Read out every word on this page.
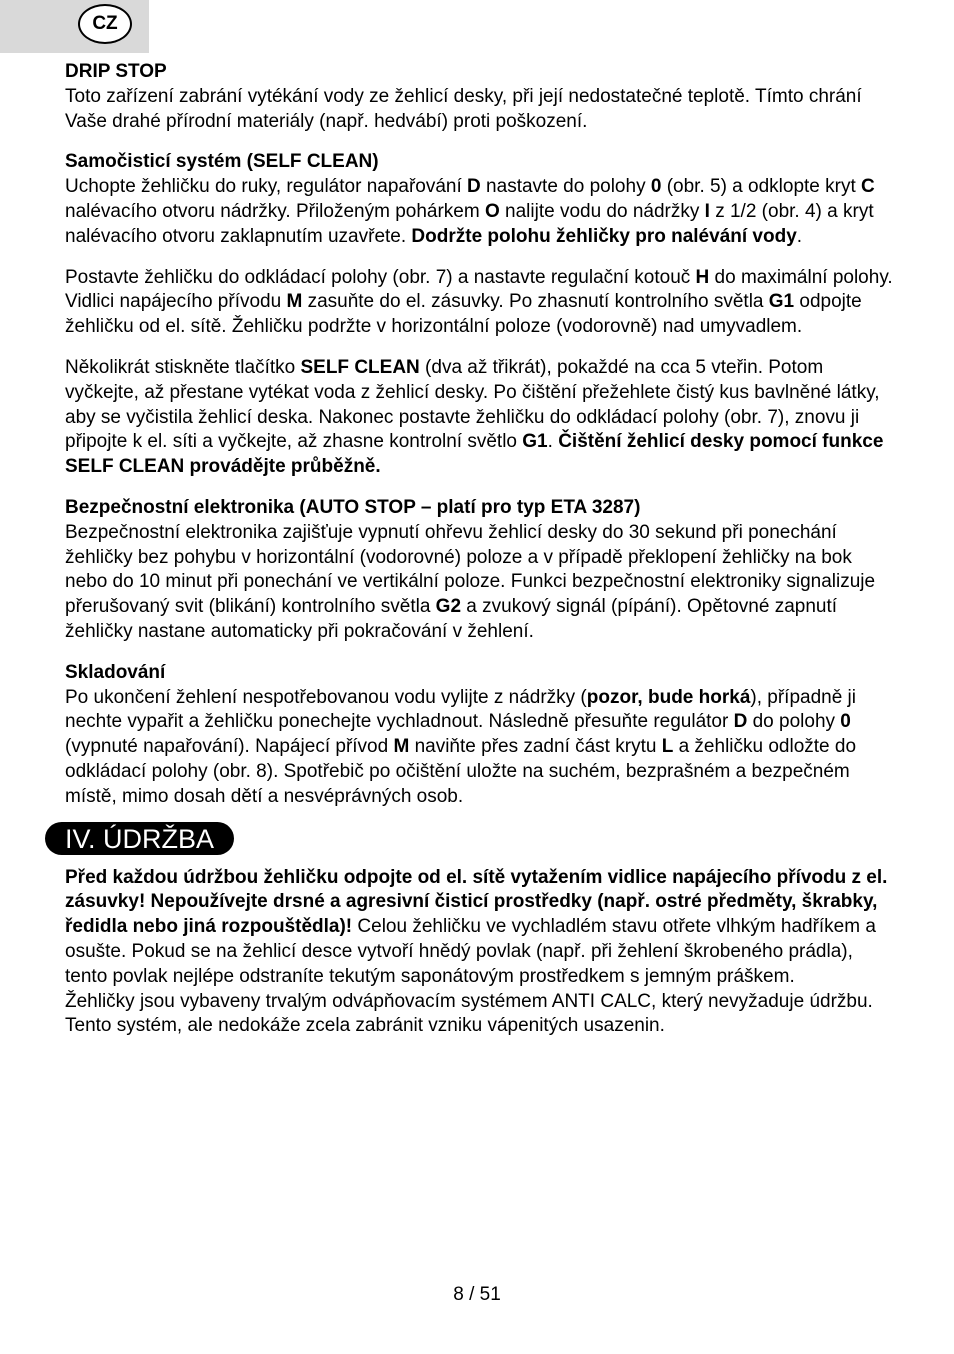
CZ
DRIP STOP
Toto zařízení zabrání vytékání vody ze žehlicí desky, při její nedostatečné teplotě. Tímto chrání Vaše drahé přírodní materiály (např. hedvábí) proti poškození.
Samočisticí systém (SELF CLEAN)
Uchopte žehličku do ruky, regulátor napařování D nastavte do polohy 0 (obr. 5) a odklopte kryt C nalévacího otvoru nádržky. Přiloženým pohárkem O nalijte vodu do nádržky I z 1/2 (obr. 4) a kryt nalévacího otvoru zaklapnutím uzavřete. Dodržte polohu žehličky pro nalévání vody.
Postavte žehličku do odkládací polohy (obr. 7) a nastavte regulační kotouč H do maximální polohy. Vidlici napájecího přívodu M zasuňte do el. zásuvky. Po zhasnutí kontrolního světla G1 odpojte žehličku od el. sítě. Žehličku podržte v horizontální poloze (vodorovně) nad umyvadlem.
Několikrát stiskněte tlačítko SELF CLEAN (dva až třikrát), pokaždé na cca 5 vteřin. Potom vyčkejte, až přestane vytékat voda z žehlicí desky. Po čištění přežehlete čistý kus bavlněné látky, aby se vyčistila žehlicí deska. Nakonec postavte žehličku do odkládací polohy (obr. 7), znovu ji připojte k el. síti a vyčkejte, až zhasne kontrolní světlo G1. Čištění žehlicí desky pomocí funkce SELF CLEAN provádějte průběžně.
Bezpečnostní elektronika (AUTO STOP – platí pro typ ETA 3287)
Bezpečnostní elektronika zajišťuje vypnutí ohřevu žehlicí desky do 30 sekund při ponechání žehličky bez pohybu v horizontální (vodorovné) poloze a v případě překlopení žehličky na bok nebo do 10 minut při ponechání ve vertikální poloze. Funkci bezpečnostní elektroniky signalizuje přerušovaný svit (blikání) kontrolního světla G2 a zvukový signál (pípání). Opětovné zapnutí žehličky nastane automaticky při pokračování v žehlení.
Skladování
Po ukončení žehlení nespotřebovanou vodu vylijte z nádržky (pozor, bude horká), případně ji nechte vypařit a žehličku ponechejte vychladnout. Následně přesuňte regulátor D do polohy 0 (vypnuté napařování). Napájecí přívod M naviňte přes zadní část krytu L a žehličku odložte do odkládací polohy (obr. 8). Spotřebič po očištění uložte na suchém, bezprašném a bezpečném místě, mimo dosah dětí a nesvéprávných osob.
IV. ÚDRŽBA
Před každou údržbou žehličku odpojte od el. sítě vytažením vidlice napájecího přívodu z el. zásuvky! Nepoužívejte drsné a agresivní čisticí prostředky (např. ostré předměty, škrabky, ředidla nebo jiná rozpouštědla)! Celou žehličku ve vychladlém stavu otřete vlhkým hadříkem a osušte. Pokud se na žehlicí desce vytvoří hnědý povlak (např. při žehlení škrobeného prádla), tento povlak nejlépe odstraníte tekutým saponátovým prostředkem s jemným práškem.
Žehličky jsou vybaveny trvalým odvápňovacím systémem ANTI CALC, který nevyžaduje údržbu. Tento systém, ale nedokáže zcela zabránit vzniku vápenitých usazenin.
8 / 51
